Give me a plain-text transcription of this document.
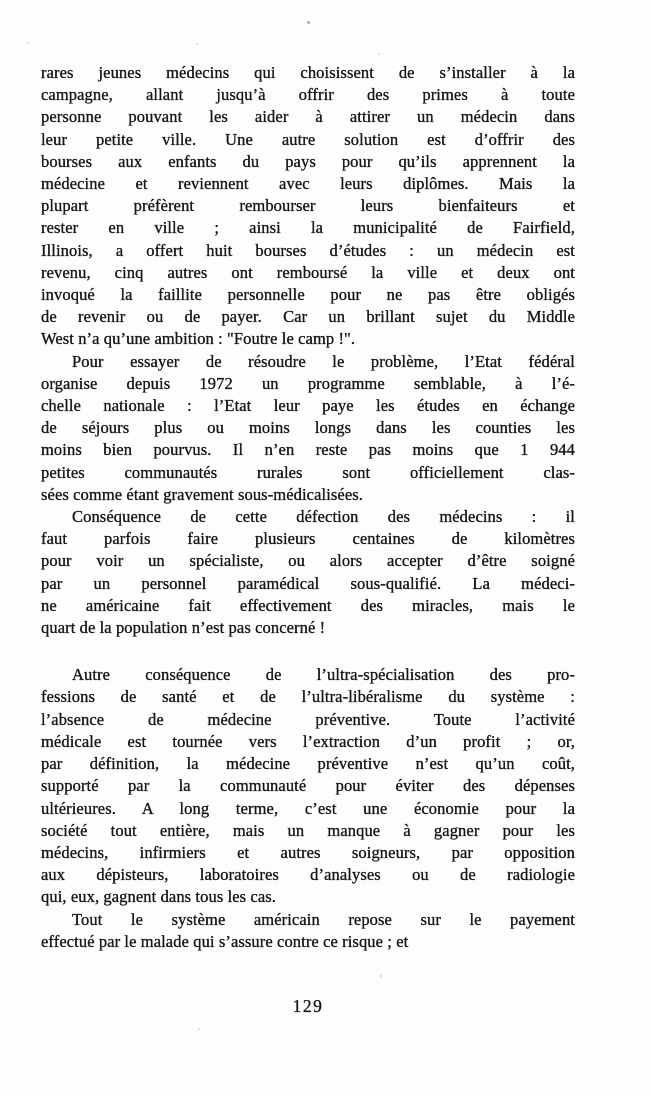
rares jeunes médecins qui choisissent de s’installer à la
campagne, allant jusqu’à offrir des primes à toute
personne pouvant les aider à attirer un médecin dans
leur petite ville. Une autre solution est d’offrir des
bourses aux enfants du pays pour qu’ils apprennent la
médecine et reviennent avec leurs diplômes. Mais la
plupart préfèrent rembourser leurs bienfaiteurs et
rester en ville ; ainsi la municipalité de Fairfield,
Illinois, a offert huit bourses d’études : un médecin est
revenu, cinq autres ont remboursé la ville et deux ont
invoqué la faillite personnelle pour ne pas être obligés
de revenir ou de payer. Car un brillant sujet du Middle
West n’a qu’une ambition : "Foutre le camp !".
Pour essayer de résoudre le problème, l’Etat fédéral
organise depuis 1972 un programme semblable, à l’é-
chelle nationale : l’Etat leur paye les études en échange
de séjours plus ou moins longs dans les counties les
moins bien pourvus. Il n’en reste pas moins que 1 944
petites communautés rurales sont officiellement clas-
sées comme étant gravement sous-médicalisées.
Conséquence de cette défection des médecins : il
faut parfois faire plusieurs centaines de kilomètres
pour voir un spécialiste, ou alors accepter d’être soigné
par un personnel paramédical sous-qualifié. La médeci-
ne américaine fait effectivement des miracles, mais le
quart de la population n’est pas concerné !
Autre conséquence de l’ultra-spécialisation des pro-
fessions de santé et de l’ultra-libéralisme du système :
l’absence de médecine préventive. Toute l’activité
médicale est tournée vers l’extraction d’un profit ; or,
par définition, la médecine préventive n’est qu’un coût,
supporté par la communauté pour éviter des dépenses
ultérieures. A long terme, c’est une économie pour la
société tout entière, mais un manque à gagner pour les
médecins, infirmiers et autres soigneurs, par opposition
aux dépisteurs, laboratoires d’analyses ou de radiologie
qui, eux, gagnent dans tous les cas.
Tout le système américain repose sur le payement
effectué par le malade qui s’assure contre ce risque ; et
129
